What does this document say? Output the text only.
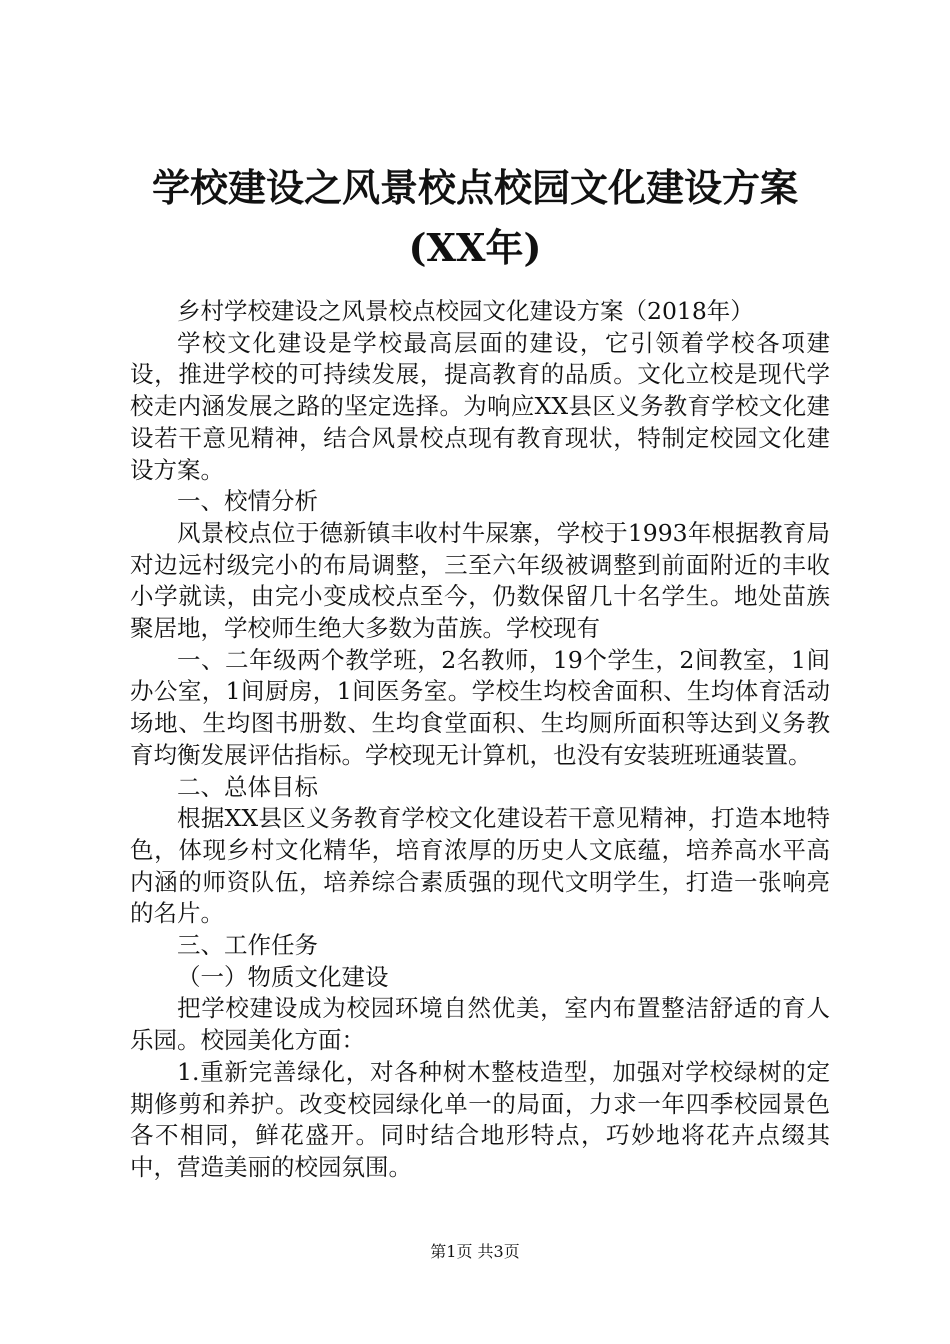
学校建设之风景校点校园文化建设方案(XX年)

乡村学校建设之风景校点校园文化建设方案（2018年）

学校文化建设是学校最高层面的建设，它引领着学校各项建设，推进学校的可持续发展，提高教育的品质。文化立校是现代学校走内涵发展之路的坚定选择。为响应XX县区义务教育学校文化建设若干意见精神，结合风景校点现有教育现状，特制定校园文化建设方案。

一、校情分析

风景校点位于德新镇丰收村牛屎寨，学校于1993年根据教育局对边远村级完小的布局调整，三至六年级被调整到前面附近的丰收小学就读，由完小变成校点至今，仍数保留几十名学生。地处苗族聚居地，学校师生绝大多数为苗族。学校现有

一、二年级两个教学班，2名教师，19个学生，2间教室，1间办公室，1间厨房，1间医务室。学校生均校舍面积、生均体育活动场地、生均图书册数、生均食堂面积、生均厕所面积等达到义务教育均衡发展评估指标。学校现无计算机，也没有安装班班通装置。

二、总体目标

根据XX县区义务教育学校文化建设若干意见精神，打造本地特色，体现乡村文化精华，培育浓厚的历史人文底蕴，培养高水平高内涵的师资队伍，培养综合素质强的现代文明学生，打造一张响亮的名片。

三、工作任务

（一）物质文化建设

把学校建设成为校园环境自然优美，室内布置整洁舒适的育人乐园。校园美化方面：

1.重新完善绿化，对各种树木整枝造型，加强对学校绿树的定期修剪和养护。改变校园绿化单一的局面，力求一年四季校园景色各不相同，鲜花盛开。同时结合地形特点，巧妙地将花卉点缀其中，营造美丽的校园氛围。

第1页 共3页
